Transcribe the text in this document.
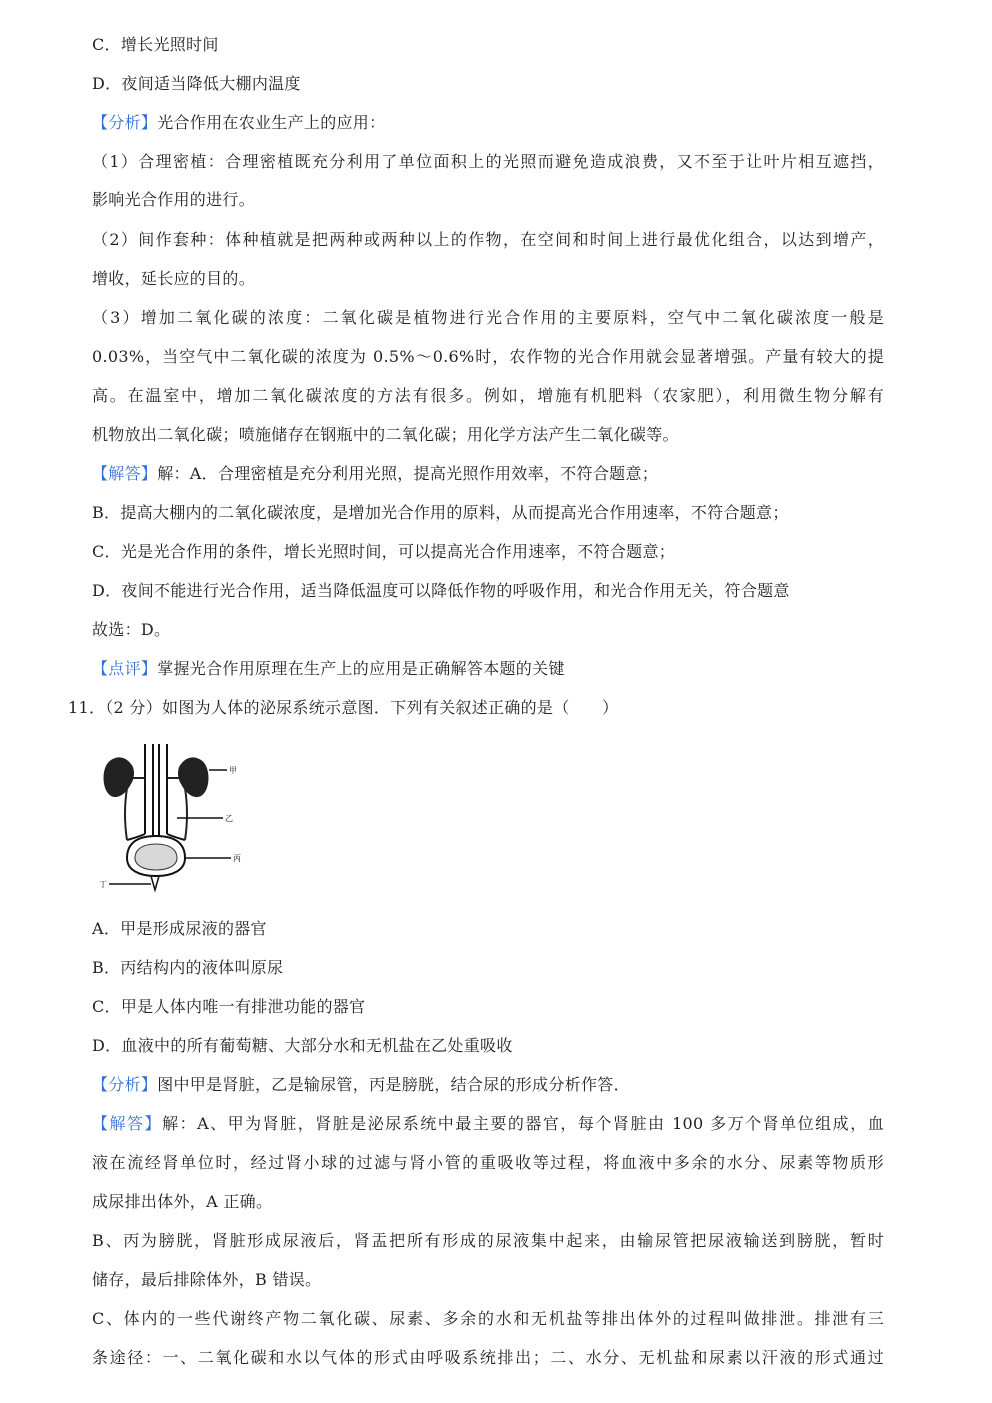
C．增长光照时间
D．夜间适当降低大棚内温度
【分析】光合作用在农业生产上的应用：
（1）合理密植：合理密植既充分利用了单位面积上的光照而避免造成浪费，又不至于让叶片相互遮挡，
影响光合作用的进行。
（2）间作套种：体种植就是把两种或两种以上的作物，在空间和时间上进行最优化组合，以达到增产，
增收，延长应的目的。
（3）增加二氧化碳的浓度：二氧化碳是植物进行光合作用的主要原料，空气中二氧化碳浓度一般是
0.03%，当空气中二氧化碳的浓度为 0.5%～0.6%时，农作物的光合作用就会显著增强。产量有较大的提
高。在温室中，增加二氧化碳浓度的方法有很多。例如，增施有机肥料（农家肥），利用微生物分解有
机物放出二氧化碳；喷施储存在钢瓶中的二氧化碳；用化学方法产生二氧化碳等。
【解答】解：A．合理密植是充分利用光照，提高光照作用效率，不符合题意；
B．提高大棚内的二氧化碳浓度，是增加光合作用的原料，从而提高光合作用速率，不符合题意；
C．光是光合作用的条件，增长光照时间，可以提高光合作用速率，不符合题意；
D．夜间不能进行光合作用，适当降低温度可以降低作物的呼吸作用，和光合作用无关，符合题意
故选：D。
【点评】掌握光合作用原理在生产上的应用是正确解答本题的关键
11．（2 分）如图为人体的泌尿系统示意图．下列有关叙述正确的是（　　）
甲
乙
丙
丁
A．甲是形成尿液的器官
B．丙结构内的液体叫原尿
C．甲是人体内唯一有排泄功能的器官
D．血液中的所有葡萄糖、大部分水和无机盐在乙处重吸收
【分析】图中甲是肾脏，乙是输尿管，丙是膀胱，结合尿的形成分析作答．
【解答】解：A、甲为肾脏，肾脏是泌尿系统中最主要的器官，每个肾脏由 100 多万个肾单位组成，血
液在流经肾单位时，经过肾小球的过滤与肾小管的重吸收等过程，将血液中多余的水分、尿素等物质形
成尿排出体外，A 正确。
B、丙为膀胱，肾脏形成尿液后，肾盂把所有形成的尿液集中起来，由输尿管把尿液输送到膀胱，暂时
储存，最后排除体外，B 错误。
C、体内的一些代谢终产物二氧化碳、尿素、多余的水和无机盐等排出体外的过程叫做排泄。排泄有三
条途径：一、二氧化碳和水以气体的形式由呼吸系统排出；二、水分、无机盐和尿素以汗液的形式通过
